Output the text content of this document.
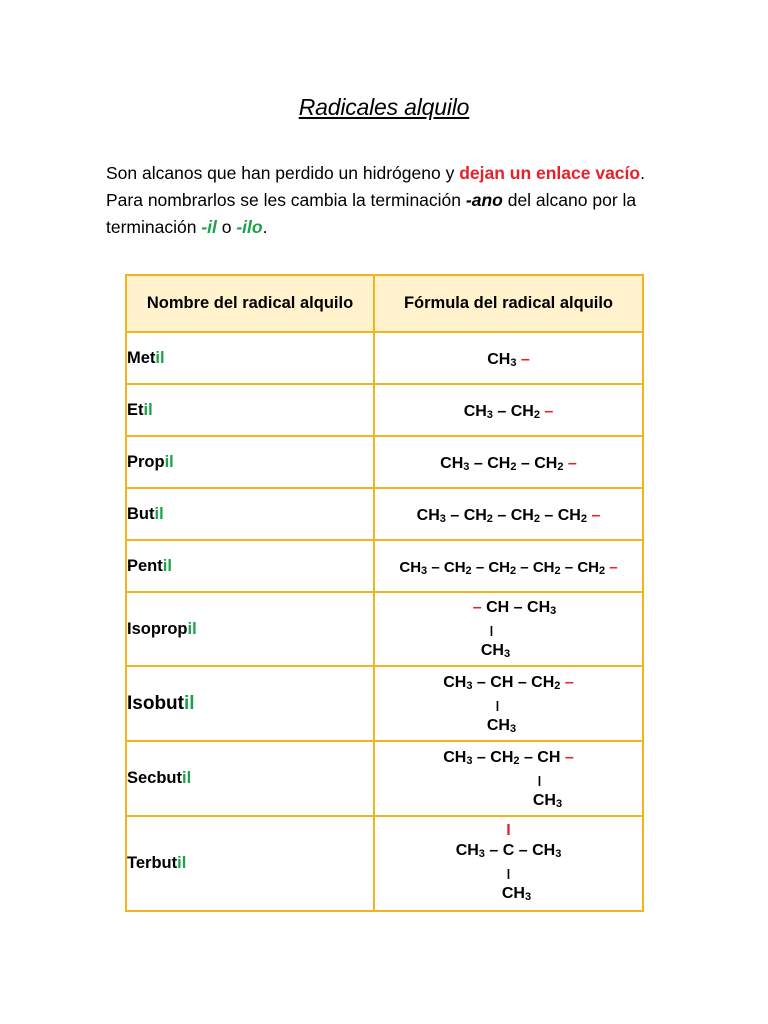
Radicales alquilo
Son alcanos que han perdido un hidrógeno y dejan un enlace vacío. Para nombrarlos se les cambia la terminación -ano del alcano por la terminación -il o -ilo.
Nombre del radical alquilo	Fórmula del radical alquilo
Metil	CH3 –

Etil	CH3 – CH2 –

Propil	CH3 – CH2 – CH2 –

Butil	CH3 – CH2 – CH2 – CH2 –

Pentil	CH3 – CH2 – CH2 – CH2 – CH2 –

Isopropil	– CH – CH3
ǀ
CH3

Isobutil	CH3 – CH – CH2 –
ǀ
CH3

Secbutil	CH3 – CH2 – CH –
ǀ
CH3

Terbutil	I
CH3 – C – CH3
ǀ
CH3
